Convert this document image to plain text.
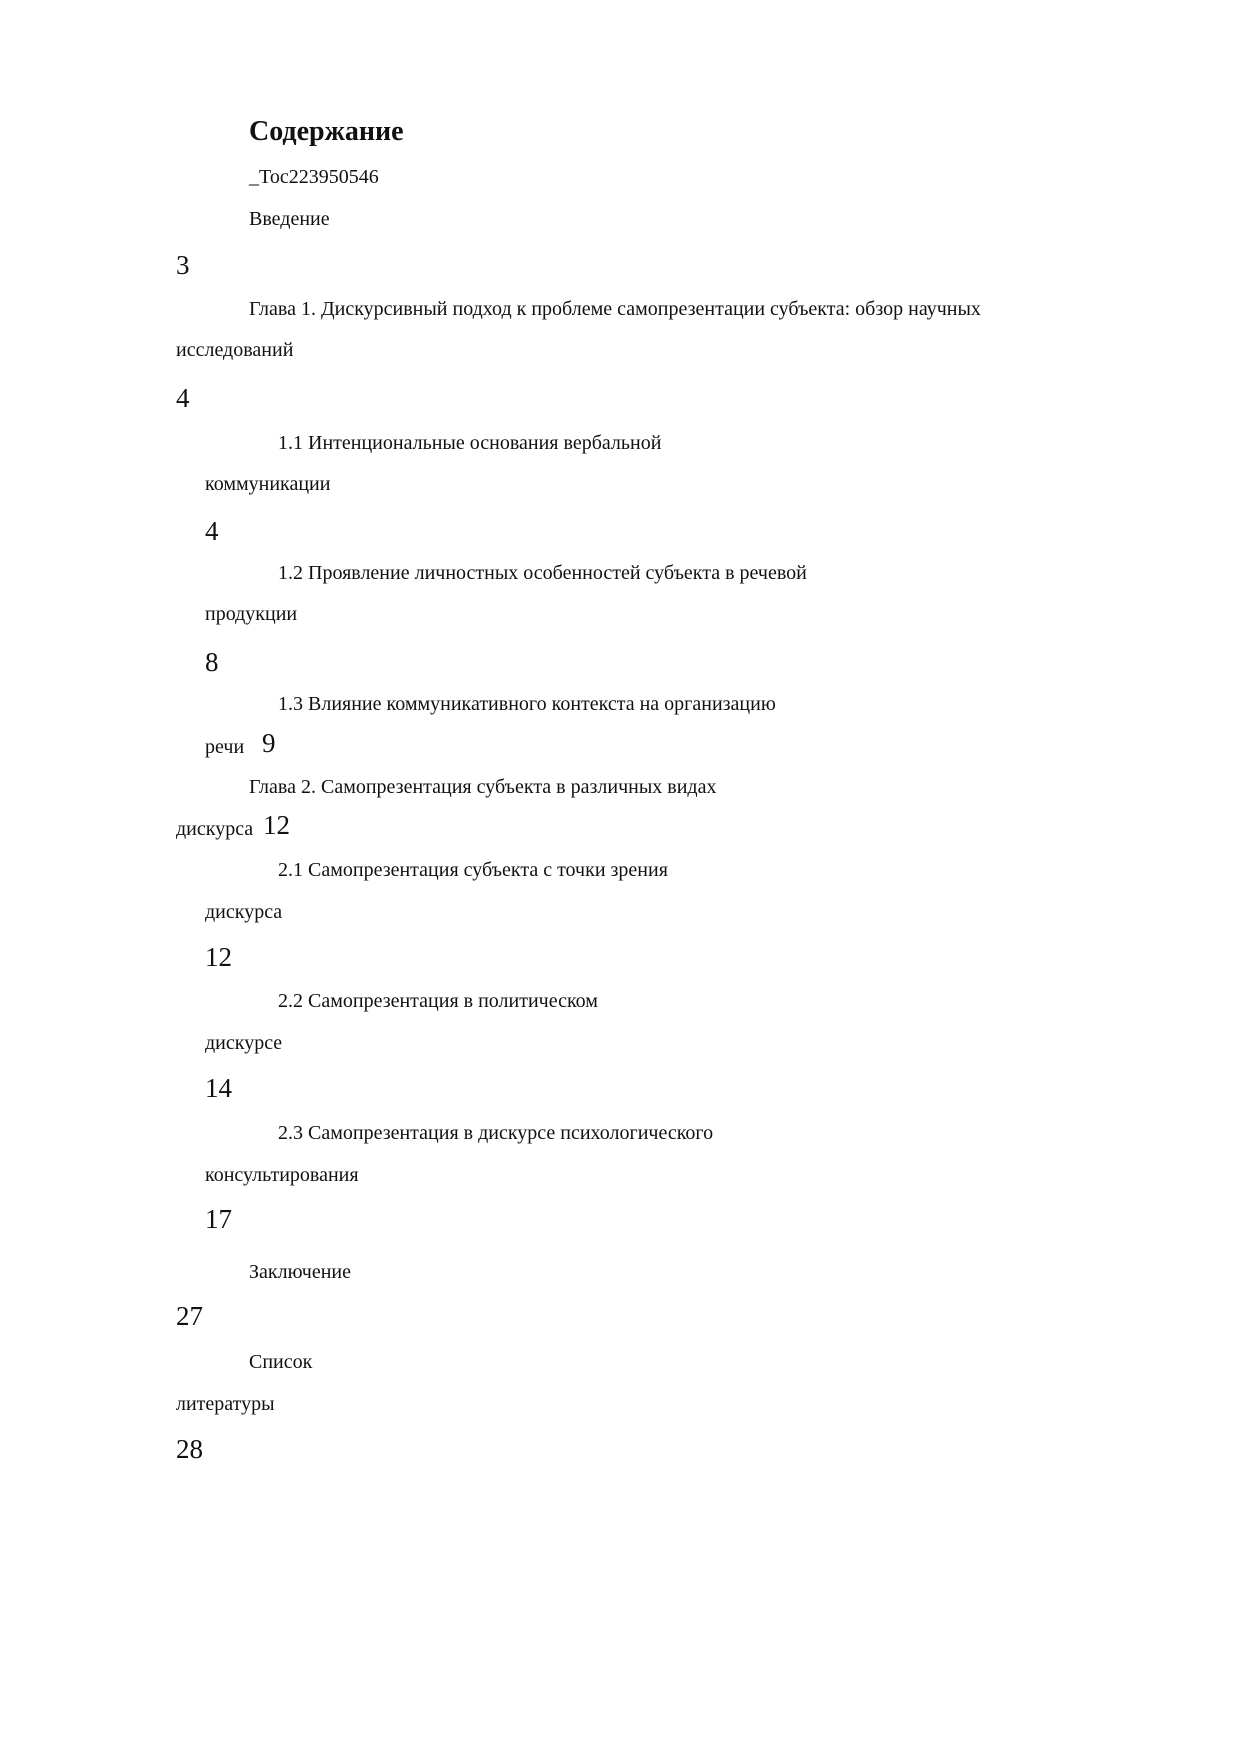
Содержание
_Toc223950546
Введение
3
Глава 1. Дискурсивный подход к проблеме самопрезентации субъекта: обзор научных
исследований
4
1.1 Интенциональные основания вербальной
коммуникации
4
1.2 Проявление личностных особенностей субъекта в речевой
продукции
8
1.3 Влияние коммуникативного контекста на организацию
речи 9
Глава 2. Самопрезентация субъекта в различных видах
дискурса 12
2.1 Самопрезентация субъекта с точки зрения
дискурса
12
2.2 Самопрезентация в политическом
дискурсе
14
2.3 Самопрезентация в дискурсе психологического
консультирования
17
Заключение
27
Список
литературы
28
